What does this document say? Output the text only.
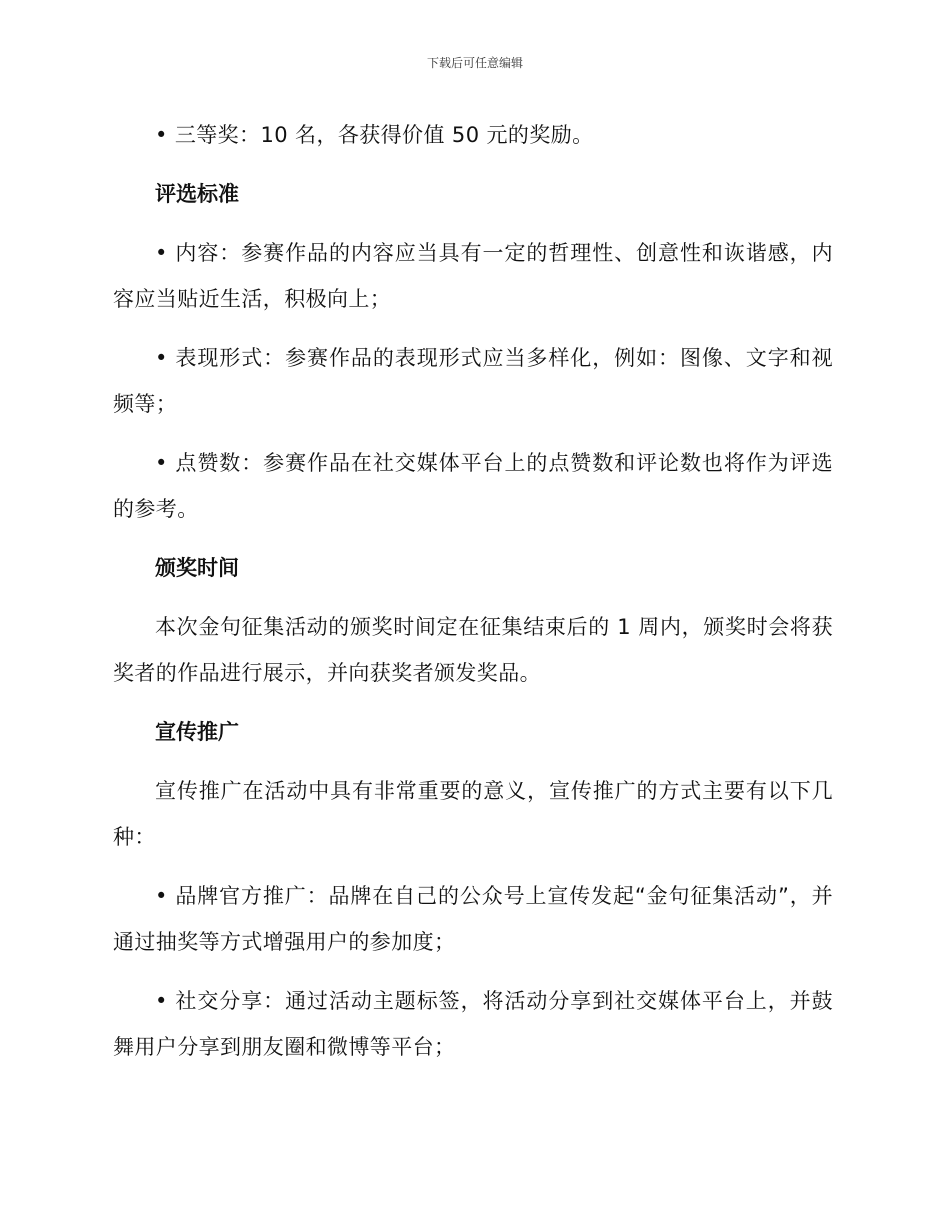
下载后可任意编辑

• 三等奖：10 名，各获得价值 50 元的奖励。

评选标准

• 内容：参赛作品的内容应当具有一定的哲理性、创意性和诙谐感，内容应当贴近生活，积极向上；

• 表现形式：参赛作品的表现形式应当多样化，例如：图像、文字和视频等；

• 点赞数：参赛作品在社交媒体平台上的点赞数和评论数也将作为评选的参考。

颁奖时间

本次金句征集活动的颁奖时间定在征集结束后的 1 周内，颁奖时会将获奖者的作品进行展示，并向获奖者颁发奖品。

宣传推广

宣传推广在活动中具有非常重要的意义，宣传推广的方式主要有以下几种：

• 品牌官方推广：品牌在自己的公众号上宣传发起“金句征集活动”，并通过抽奖等方式增强用户的参加度；

• 社交分享：通过活动主题标签，将活动分享到社交媒体平台上，并鼓舞用户分享到朋友圈和微博等平台；
